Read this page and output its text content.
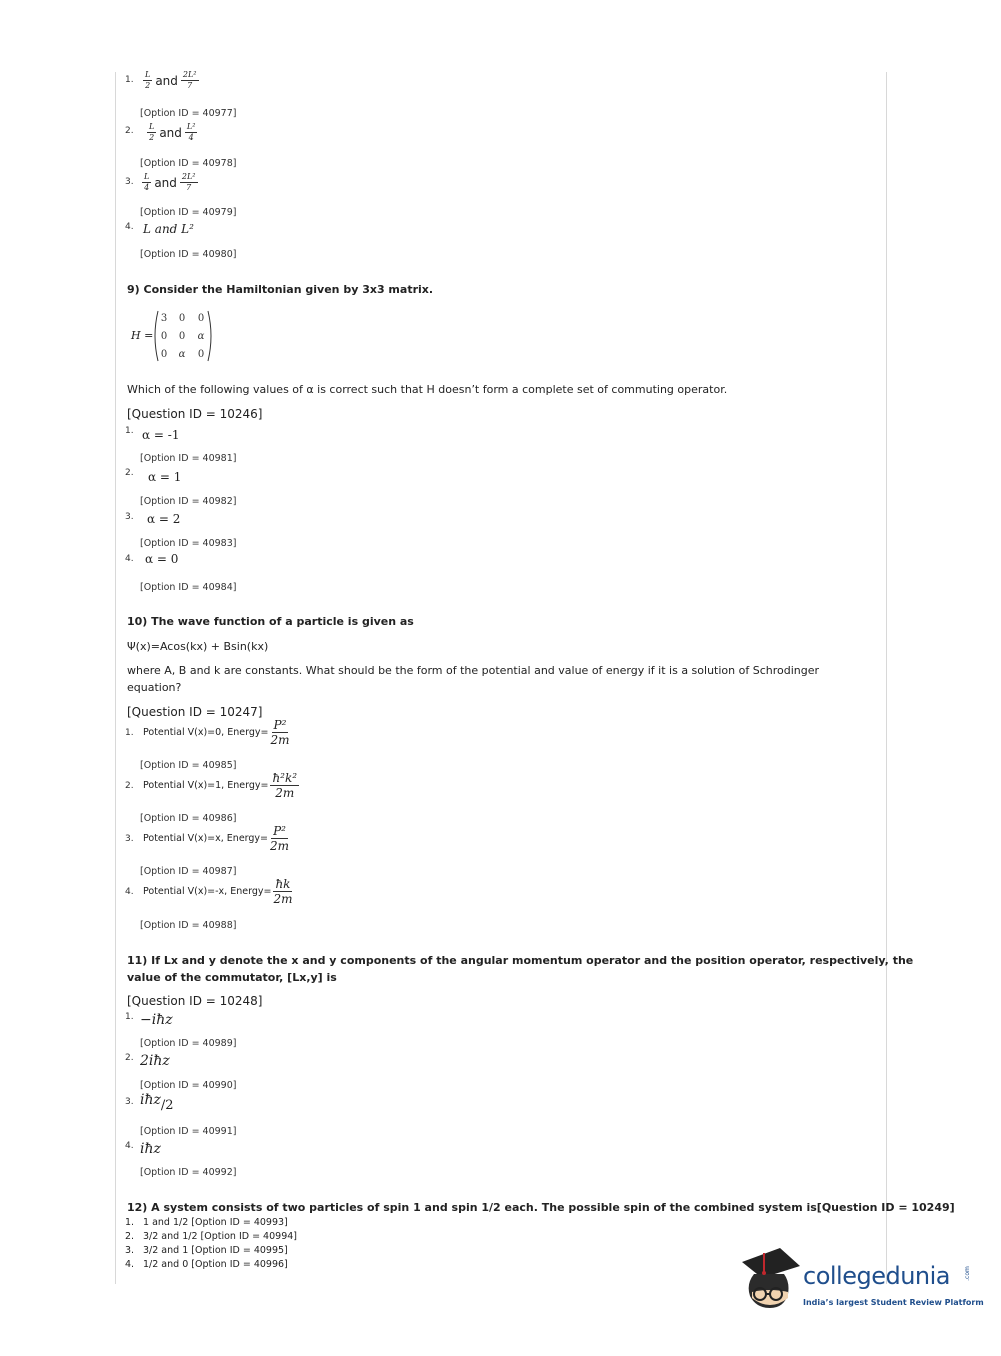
1. $\frac{L}{2}$ and $\frac{\text{2L²}}{7}$
[Option ID = 40977]
2. $\frac{L}{2}$ and $\frac{\text{L²}}{4}$
[Option ID = 40978]
3. $\frac{L}{4}$ and $\frac{\text{2L²}}{7}$
[Option ID = 40979]
4. L and L²
[Option ID = 40980]
9) Consider the Hamiltonian given by 3x3 matrix.
H =
3 0 0
0 0 α
0 α 0
Which of the following values of α is correct such that H doesn’t form a complete set of commuting operator.
[Question ID = 10246]
1. α = -1
[Option ID = 40981]
2. α = 1
[Option ID = 40982]
3. α = 2
[Option ID = 40983]
4. α = 0
[Option ID = 40984]
10) The wave function of a particle is given as
Ψ(x)=Acos(kx) + Bsin(kx)
where A, B and k are constants. What should be the form of the potential and value of energy if it is a solution of Schrodinger
equation?
[Question ID = 10247]
1. Potential V(x)=0, Energy= $\frac{\text{P²}}{2m}$
[Option ID = 40985]
2. Potential V(x)=1, Energy= $\frac{\text{ħ²k²}}{2m}$
[Option ID = 40986]
3. Potential V(x)=x, Energy= $\frac{\text{P²}}{2m}$
[Option ID = 40987]
4. Potential V(x)=-x, Energy= $\frac{ħk}{2m}$
[Option ID = 40988]
11) If Lx and y denote the x and y components of the angular momentum operator and the position operator, respectively, the
value of the commutator, [Lx,y] is
[Question ID = 10248]
1. −iħz
[Option ID = 40989]
2. 2iħz
[Option ID = 40990]
3. iħz/2
[Option ID = 40991]
4. iħz
[Option ID = 40992]
12) A system consists of two particles of spin 1 and spin 1/2 each. The possible spin of the combined system is[Question ID = 10249]
1. 1 and 1/2 [Option ID = 40993]
2. 3/2 and 1/2 [Option ID = 40994]
3. 3/2 and 1 [Option ID = 40995]
4. 1/2 and 0 [Option ID = 40996]	collegedunia .com
India’s largest Student Review Platform
